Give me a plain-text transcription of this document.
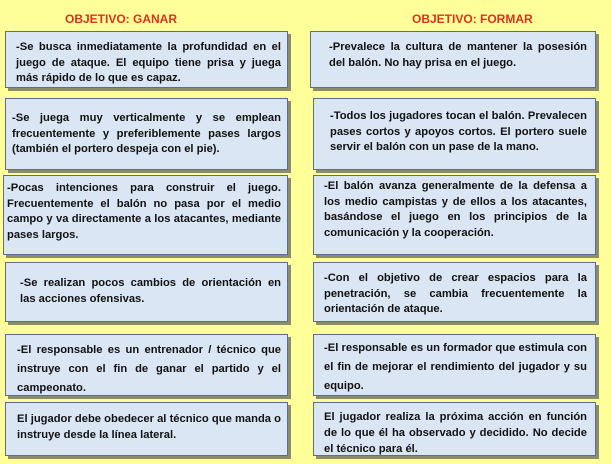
OBJETIVO: GANAR	OBJETIVO: FORMAR
-Se busca inmediatamente la profundidad en el juego de ataque. El equipo tiene prisa y juega más rápido de lo que es capaz.
-Se juega muy verticalmente y se emplean frecuentemente y preferiblemente pases largos (también el portero despeja con el pie).
-Pocas intenciones para construir el juego. Frecuentemente el balón no pasa por el medio campo y va directamente a los atacantes, mediante pases largos.
-Se realizan pocos cambios de orientación en las acciones ofensivas.
-El responsable es un entrenador / técnico que instruye con el fin de ganar el partido y el campeonato.
El jugador debe obedecer al técnico que manda o instruye desde la línea lateral.
-Prevalece la cultura de mantener la posesión del balón. No hay prisa en el juego.
-Todos los jugadores tocan el balón. Prevalecen pases cortos y apoyos cortos. El portero suele servir el balón con un pase de la mano.
-El balón avanza generalmente de la defensa a los medio campistas y de ellos a los atacantes, basándose el juego en los principios de la comunicación y la cooperación.
-Con el objetivo de crear espacios para la penetración, se cambia frecuentemente la orientación de ataque.
-El responsable es un formador que estimula con el fin de mejorar el rendimiento del jugador y su equipo.
El jugador realiza la próxima acción en función de lo que él ha observado y decidido. No decide el técnico para él.
